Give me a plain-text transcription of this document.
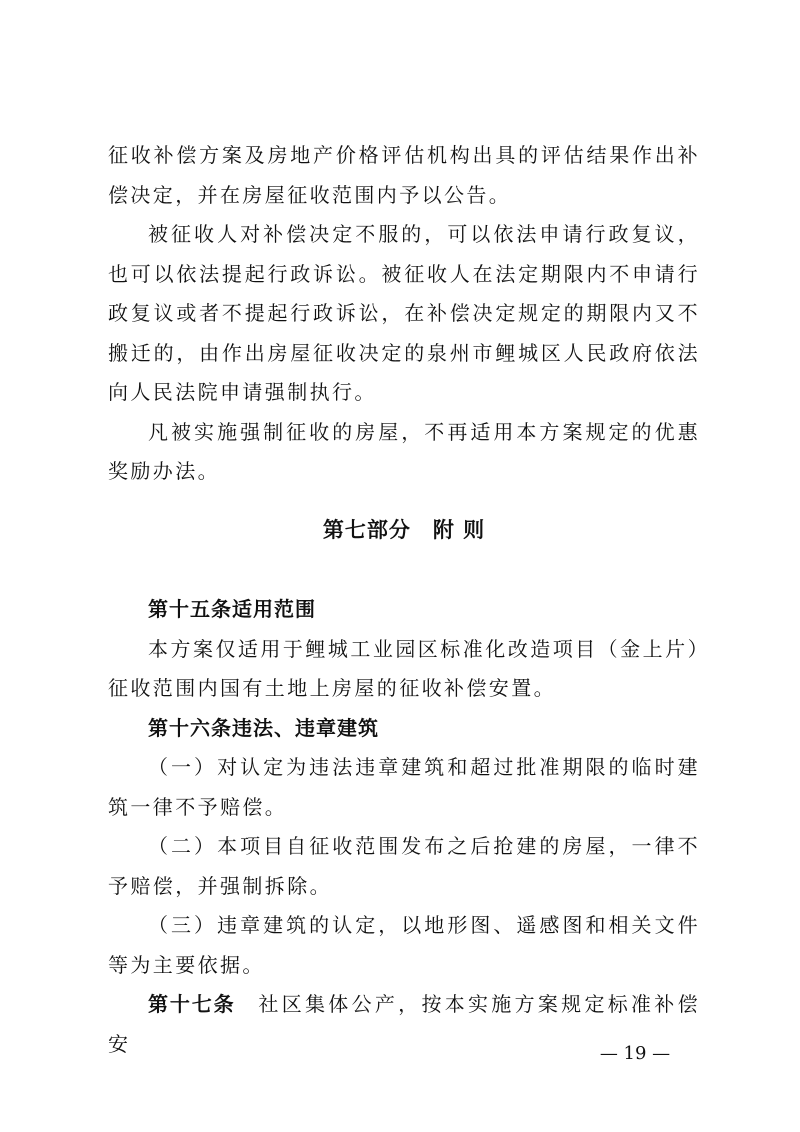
征收补偿方案及房地产价格评估机构出具的评估结果作出补偿决定，并在房屋征收范围内予以公告。

被征收人对补偿决定不服的，可以依法申请行政复议，也可以依法提起行政诉讼。被征收人在法定期限内不申请行政复议或者不提起行政诉讼，在补偿决定规定的期限内又不搬迁的，由作出房屋征收决定的泉州市鲤城区人民政府依法向人民法院申请强制执行。

凡被实施强制征收的房屋，不再适用本方案规定的优惠奖励办法。

第七部分 附 则

第十五条适用范围

本方案仅适用于鲤城工业园区标准化改造项目（金上片）征收范围内国有土地上房屋的征收补偿安置。

第十六条违法、违章建筑

（一）对认定为违法违章建筑和超过批准期限的临时建筑一律不予赔偿。

（二）本项目自征收范围发布之后抢建的房屋，一律不予赔偿，并强制拆除。

（三）违章建筑的认定，以地形图、遥感图和相关文件等为主要依据。

第十七条 社区集体公产，按本实施方案规定标准补偿安	— 19 —
